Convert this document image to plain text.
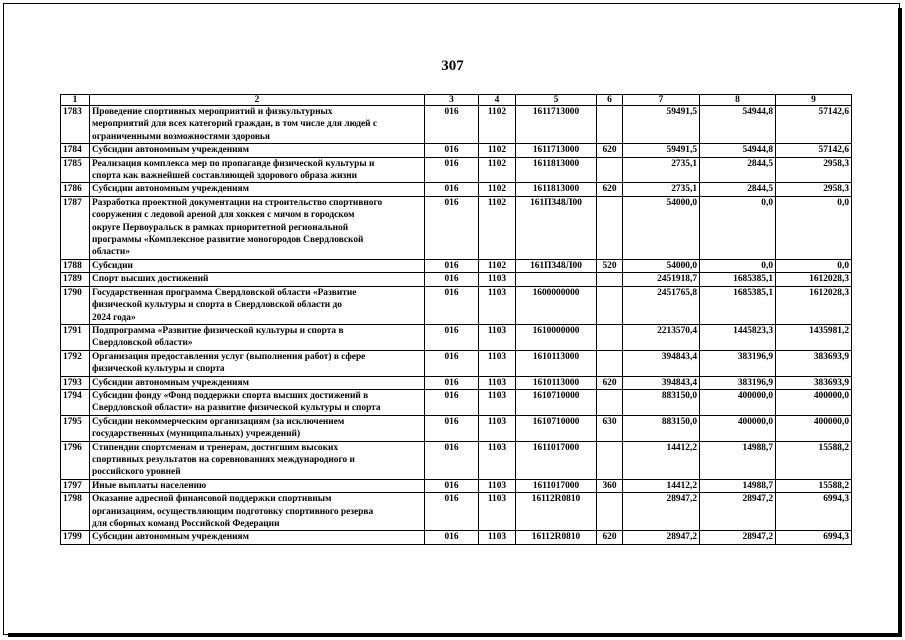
307
1	2	3	4	5	6	7	8	9
1783	Проведение спортивных мероприятий и физкультурных
мероприятий для всех категорий граждан, в том числе для людей с
ограниченными возможностями здоровья	016	1102	1611713000		59491,5	54944,8	57142,6
1784	Субсидии автономным учреждениям	016	1102	1611713000	620	59491,5	54944,8	57142,6
1785	Реализация комплекса мер по пропаганде физической культуры и
спорта как важнейшей составляющей здорового образа жизни	016	1102	1611813000		2735,1	2844,5	2958,3
1786	Субсидии автономным учреждениям	016	1102	1611813000	620	2735,1	2844,5	2958,3
1787	Разработка проектной документации на строительство спортивного
сооружения с ледовой ареной для хоккея с мячом в городском
округе Первоуральск в рамках приоритетной региональной
программы «Комплексное развитие моногородов Свердловской
области»	016	1102	161П348Л00		54000,0	0,0	0,0
1788	Субсидии	016	1102	161П348Л00	520	54000,0	0,0	0,0
1789	Спорт высших достижений	016	1103			2451918,7	1685385,1	1612028,3
1790	Государственная программа Свердловской области «Развитие
физической культуры и спорта в Свердловской области до
2024 года»	016	1103	1600000000		2451765,8	1685385,1	1612028,3
1791	Подпрограмма «Развитие физической культуры и спорта в
Свердловской области»	016	1103	1610000000		2213570,4	1445823,3	1435981,2
1792	Организация предоставления услуг (выполнения работ) в сфере
физической культуры и спорта	016	1103	1610113000		394843,4	383196,9	383693,9
1793	Субсидии автономным учреждениям	016	1103	1610113000	620	394843,4	383196,9	383693,9
1794	Субсидии фонду «Фонд поддержки спорта высших достижений в
Свердловской области» на развитие физической культуры и спорта	016	1103	1610710000		883150,0	400000,0	400000,0
1795	Субсидии некоммерческим организациям (за исключением
государственных (муниципальных) учреждений)	016	1103	1610710000	630	883150,0	400000,0	400000,0
1796	Стипендии спортсменам и тренерам, достигшим высоких
спортивных результатов на соревнованиях международного и
российского уровней	016	1103	1611017000		14412,2	14988,7	15588,2
1797	Иные выплаты населению	016	1103	1611017000	360	14412,2	14988,7	15588,2
1798	Оказание адресной финансовой поддержки спортивным
организациям, осуществляющим подготовку спортивного резерва
для сборных команд Российской Федерации	016	1103	16112R0810		28947,2	28947,2	6994,3
1799	Субсидии автономным учреждениям	016	1103	16112R0810	620	28947,2	28947,2	6994,3
